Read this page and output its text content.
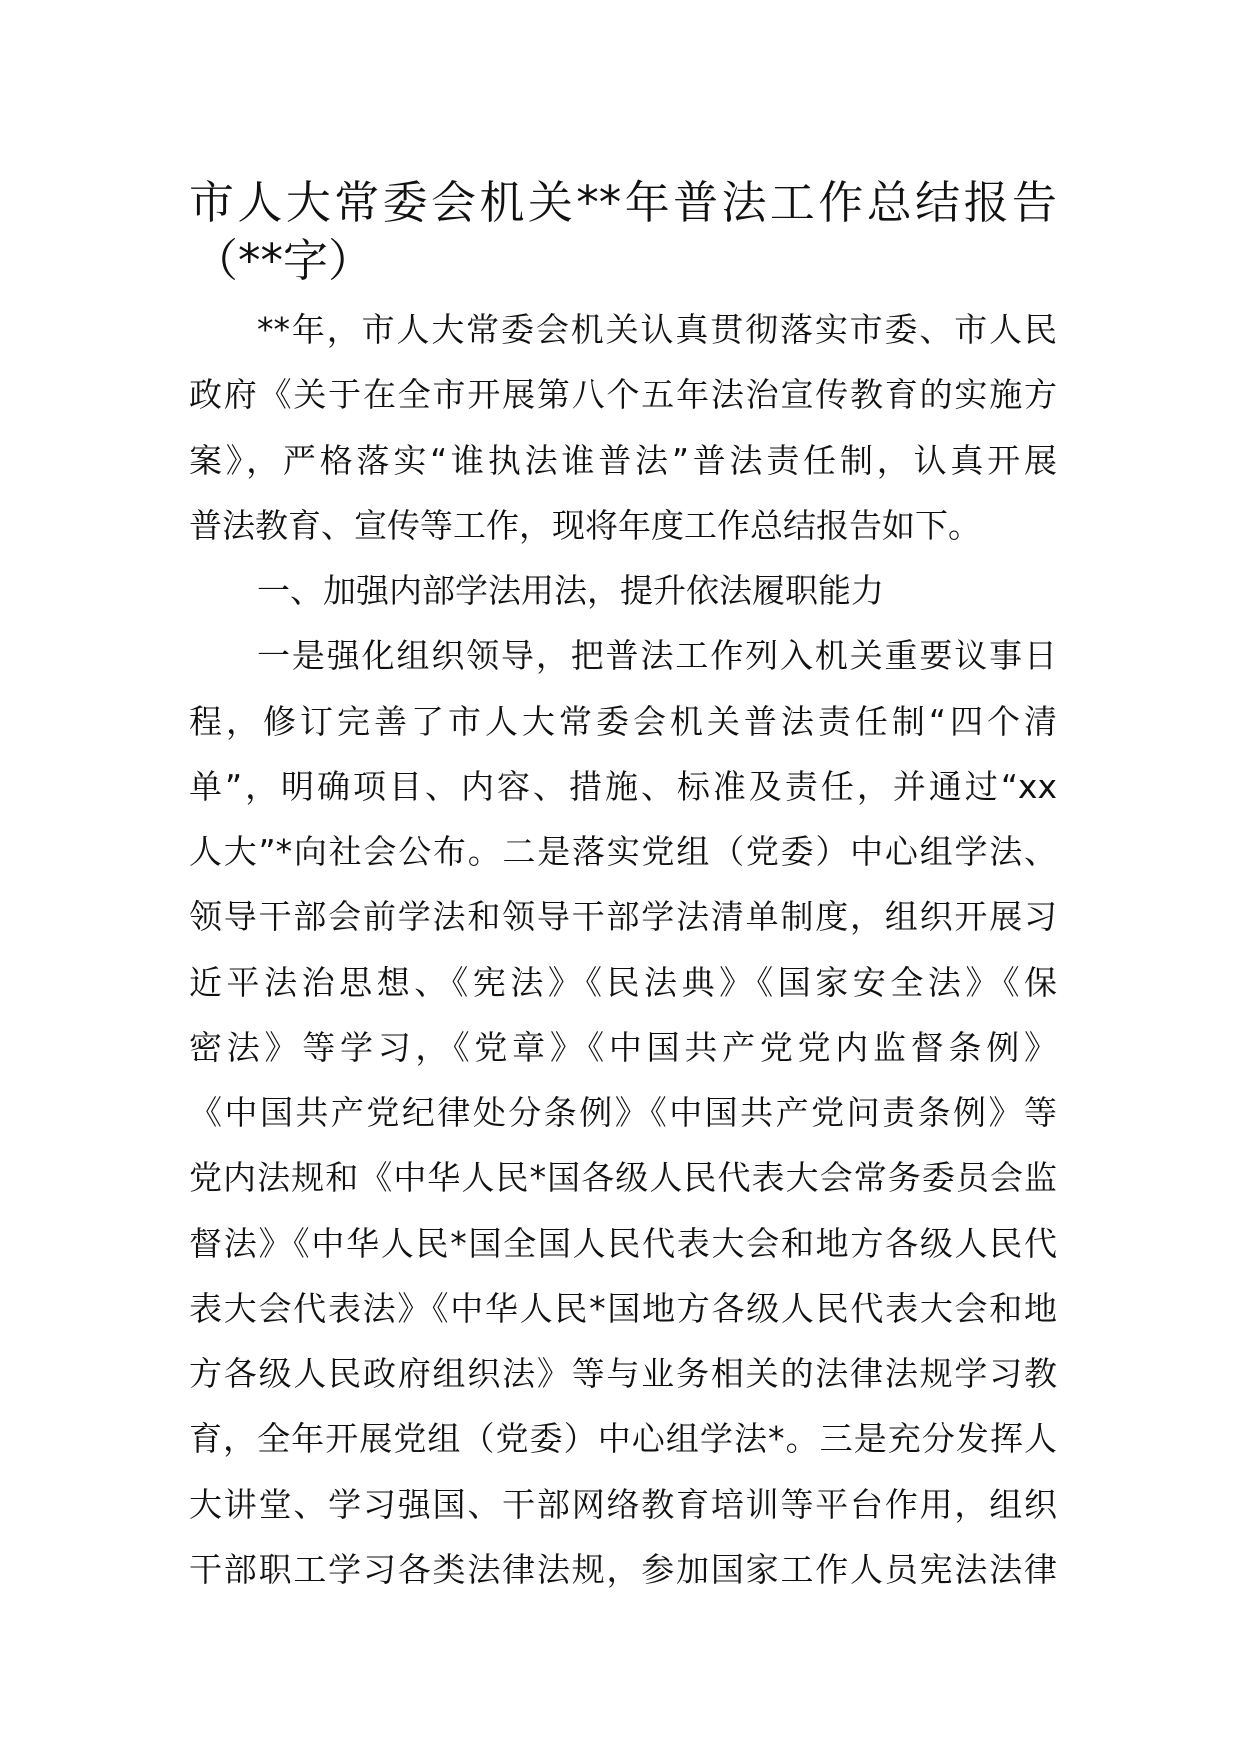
市人大常委会机关**年普法工作总结报告
（**字）
**年，市人大常委会机关认真贯彻落实市委、市人民
政府《关于在全市开展第八个五年法治宣传教育的实施方
案》，严格落实“谁执法谁普法”普法责任制，认真开展
普法教育、宣传等工作，现将年度工作总结报告如下。
一、加强内部学法用法，提升依法履职能力
一是强化组织领导，把普法工作列入机关重要议事日
程，修订完善了市人大常委会机关普法责任制“四个清
单”，明确项目、内容、措施、标准及责任，并通过“xx
人大”*向社会公布。二是落实党组（党委）中心组学法、
领导干部会前学法和领导干部学法清单制度，组织开展习
近平法治思想、《宪法》《民法典》《国家安全法》《保
密法》等学习，《党章》《中国共产党党内监督条例》
《中国共产党纪律处分条例》《中国共产党问责条例》等
党内法规和《中华人民*国各级人民代表大会常务委员会监
督法》《中华人民*国全国人民代表大会和地方各级人民代
表大会代表法》《中华人民*国地方各级人民代表大会和地
方各级人民政府组织法》等与业务相关的法律法规学习教
育，全年开展党组（党委）中心组学法*。三是充分发挥人
大讲堂、学习强国、干部网络教育培训等平台作用，组织
干部职工学习各类法律法规，参加国家工作人员宪法法律
